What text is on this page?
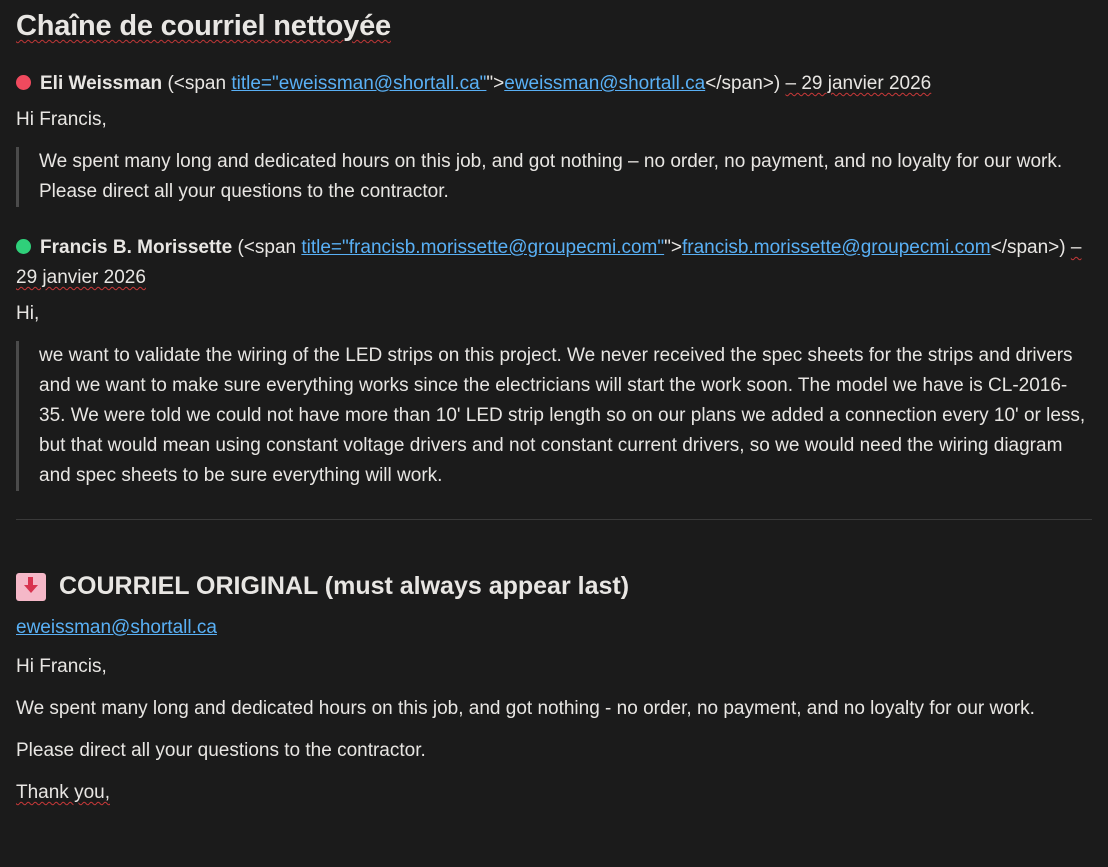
Chaîne de courriel nettoyée
Eli Weissman (<span title="eweissman@shortall.ca"">eweissman@shortall.ca</span>) – 29 janvier 2026
Hi Francis,
We spent many long and dedicated hours on this job, and got nothing – no order, no payment, and no loyalty for our work. Please direct all your questions to the contractor.
Francis B. Morissette (<span title="francisb.morissette@groupecmi.com"">francisb.morissette@groupecmi.com</span>) – 29 janvier 2026
Hi,
we want to validate the wiring of the LED strips on this project. We never received the spec sheets for the strips and drivers and we want to make sure everything works since the electricians will start the work soon. The model we have is CL-2016-35. We were told we could not have more than 10' LED strip length so on our plans we added a connection every 10' or less, but that would mean using constant voltage drivers and not constant current drivers, so we would need the wiring diagram and spec sheets to be sure everything will work.
COURRIEL ORIGINAL (must always appear last)
eweissman@shortall.ca

Hi Francis,

We spent many long and dedicated hours on this job, and got nothing - no order, no payment, and no loyalty for our work.

Please direct all your questions to the contractor.

Thank you,
